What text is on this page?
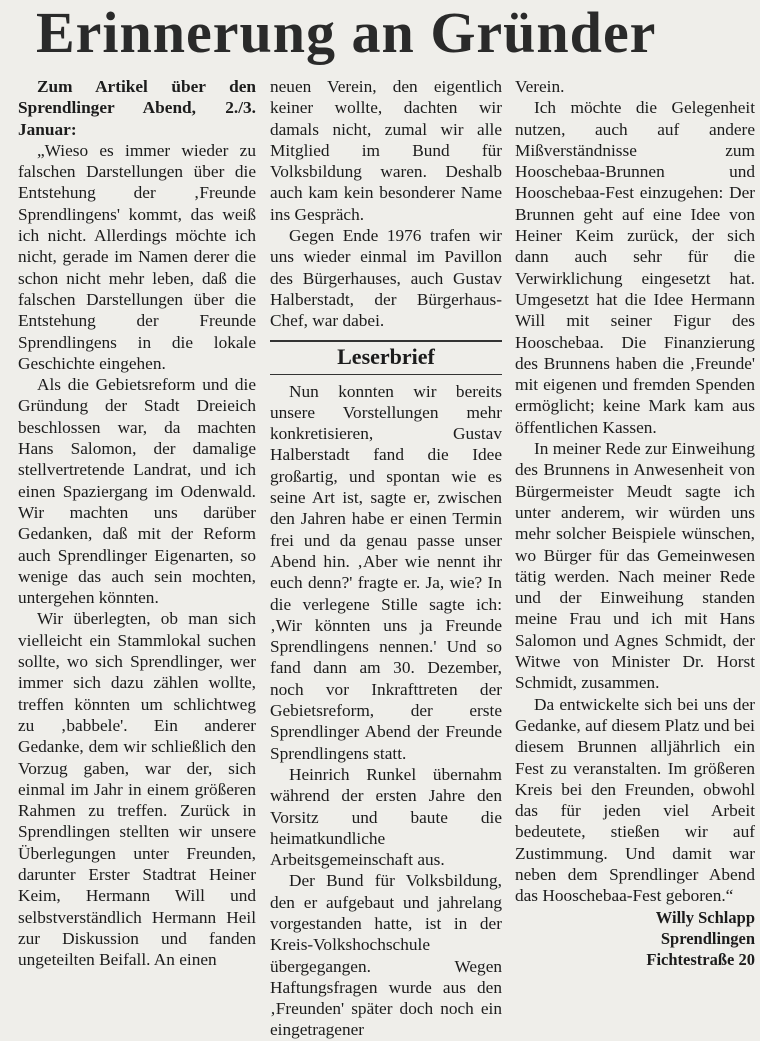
Erinnerung an Gründer

Zum Artikel über den Sprendlinger Abend, 2./3. Januar:

„Wieso es immer wieder zu falschen Darstellungen über die Entstehung der ‚Freunde Sprendlingens' kommt, das weiß ich nicht. Allerdings möchte ich nicht, gerade im Namen derer die schon nicht mehr leben, daß die falschen Darstellungen über die Entstehung der Freunde Sprendlingens in die lokale Geschichte eingehen.

Als die Gebietsreform und die Gründung der Stadt Dreieich beschlossen war, da machten Hans Salomon, der damalige stellvertretende Landrat, und ich einen Spaziergang im Odenwald. Wir machten uns darüber Gedanken, daß mit der Reform auch Sprendlinger Eigenarten, so wenige das auch sein mochten, untergehen könnten.

Wir überlegten, ob man sich vielleicht ein Stammlokal suchen sollte, wo sich Sprendlinger, wer immer sich dazu zählen wollte, treffen könnten um schlichtweg zu ‚babbele'. Ein anderer Gedanke, dem wir schließlich den Vorzug gaben, war der, sich einmal im Jahr in einem größeren Rahmen zu treffen. Zurück in Sprendlingen stellten wir unsere Überlegungen unter Freunden, darunter Erster Stadtrat Heiner Keim, Hermann Will und selbstverständlich Hermann Heil zur Diskussion und fanden ungeteilten Beifall. An einen

neuen Verein, den eigentlich keiner wollte, dachten wir damals nicht, zumal wir alle Mitglied im Bund für Volksbildung waren. Deshalb auch kam kein besonderer Name ins Gespräch.

Gegen Ende 1976 trafen wir uns wieder einmal im Pavillon des Bürgerhauses, auch Gustav Halberstadt, der Bürgerhaus-Chef, war dabei.

Leserbrief

Nun konnten wir bereits unsere Vorstellungen mehr konkretisieren, Gustav Halberstadt fand die Idee großartig, und spontan wie es seine Art ist, sagte er, zwischen den Jahren habe er einen Termin frei und da genau passe unser Abend hin. ‚Aber wie nennt ihr euch denn?' fragte er. Ja, wie? In die verlegene Stille sagte ich: ‚Wir könnten uns ja Freunde Sprendlingens nennen.' Und so fand dann am 30. Dezember, noch vor Inkrafttreten der Gebietsreform, der erste Sprendlinger Abend der Freunde Sprendlingens statt.

Heinrich Runkel übernahm während der ersten Jahre den Vorsitz und baute die heimatkundliche Arbeitsgemeinschaft aus.

Der Bund für Volksbildung, den er aufgebaut und jahrelang vorgestanden hatte, ist in der Kreis-Volkshochschule übergegangen. Wegen Haftungsfragen wurde aus den ‚Freunden' später doch noch ein eingetragener

Verein.

Ich möchte die Gelegenheit nutzen, auch auf andere Mißverständnisse zum Hooschebaa-Brunnen und Hooschebaa-Fest einzugehen: Der Brunnen geht auf eine Idee von Heiner Keim zurück, der sich dann auch sehr für die Verwirklichung eingesetzt hat. Umgesetzt hat die Idee Hermann Will mit seiner Figur des Hooschebaa. Die Finanzierung des Brunnens haben die ‚Freunde' mit eigenen und fremden Spenden ermöglicht; keine Mark kam aus öffentlichen Kassen.

In meiner Rede zur Einweihung des Brunnens in Anwesenheit von Bürgermeister Meudt sagte ich unter anderem, wir würden uns mehr solcher Beispiele wünschen, wo Bürger für das Gemeinwesen tätig werden. Nach meiner Rede und der Einweihung standen meine Frau und ich mit Hans Salomon und Agnes Schmidt, der Witwe von Minister Dr. Horst Schmidt, zusammen.

Da entwickelte sich bei uns der Gedanke, auf diesem Platz und bei diesem Brunnen alljährlich ein Fest zu veranstalten. Im größeren Kreis bei den Freunden, obwohl das für jeden viel Arbeit bedeutete, stießen wir auf Zustimmung. Und damit war neben dem Sprendlinger Abend das Hooschebaa-Fest geboren.“

Willy Schlapp

Sprendlingen

Fichtestraße 20
